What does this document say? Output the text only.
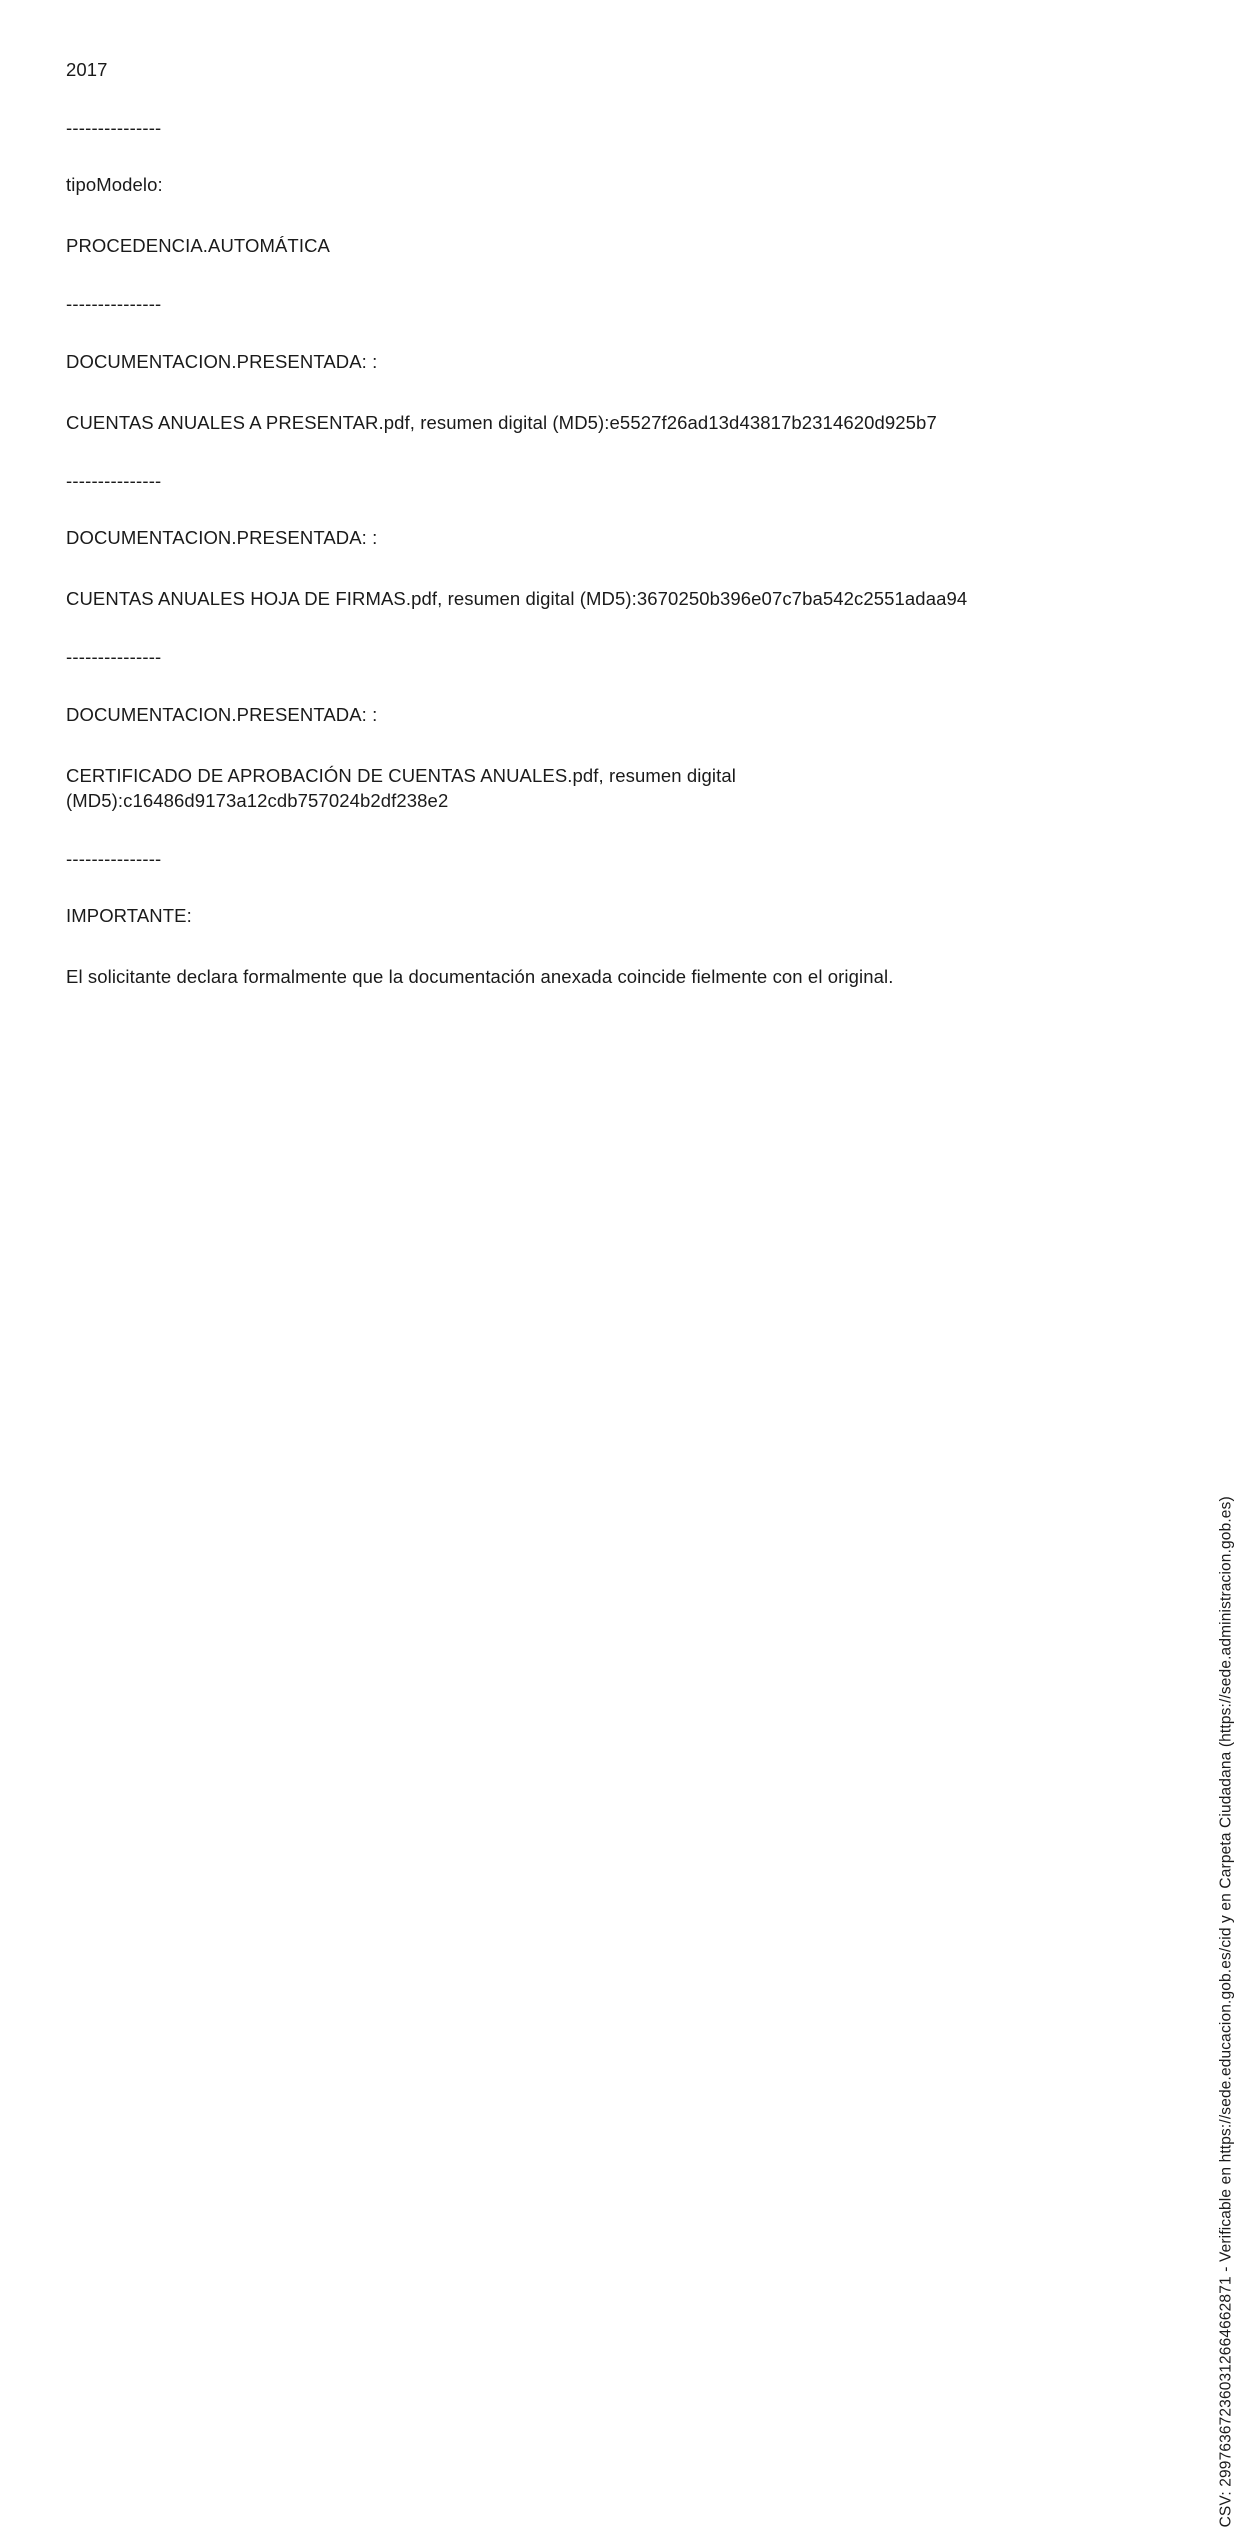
2017

---------------

tipoModelo:

PROCEDENCIA.AUTOMÁTICA

---------------

DOCUMENTACION.PRESENTADA: :

CUENTAS ANUALES A PRESENTAR.pdf, resumen digital (MD5):e5527f26ad13d43817b2314620d925b7

---------------

DOCUMENTACION.PRESENTADA: :

CUENTAS ANUALES HOJA DE FIRMAS.pdf, resumen digital (MD5):3670250b396e07c7ba542c2551adaa94

---------------

DOCUMENTACION.PRESENTADA: :

CERTIFICADO DE APROBACIÓN DE CUENTAS ANUALES.pdf, resumen digital (MD5):c16486d9173a12cdb757024b2df238e2

---------------

IMPORTANTE:

El solicitante declara formalmente que la documentación anexada coincide fielmente con el original.

CSV: 299763672360312664662871 - Verificable en https://sede.educacion.gob.es/cid y en Carpeta Ciudadana (https://sede.administracion.gob.es)
